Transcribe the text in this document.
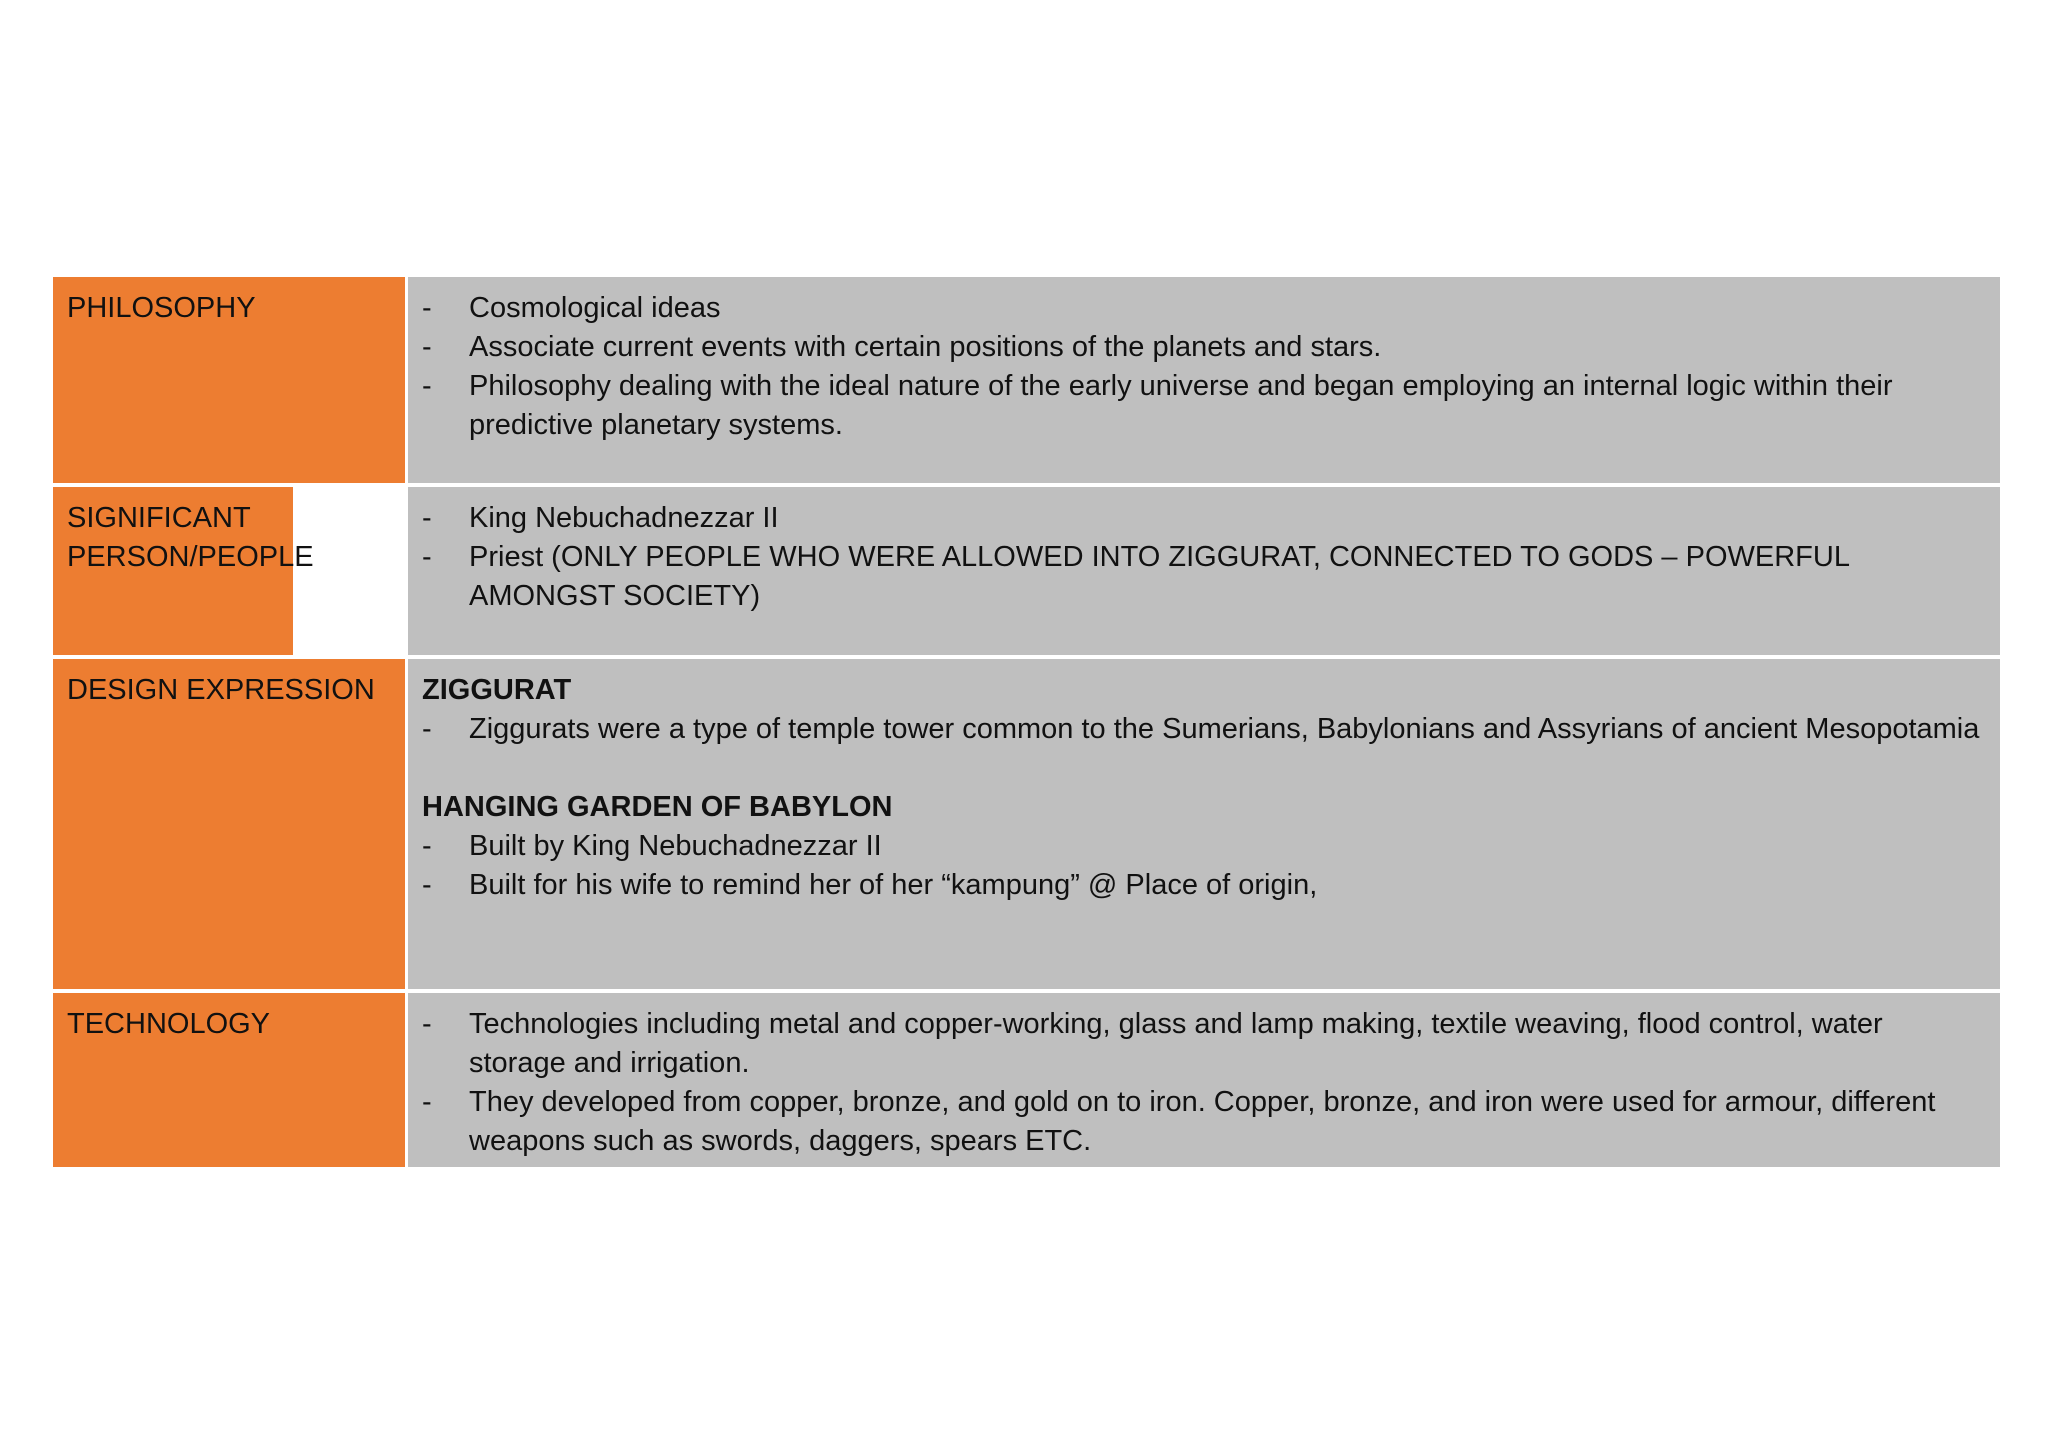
PHILOSOPHY	-	Cosmological ideas
-	Associate current events with certain positions of the planets and stars.
-	Philosophy dealing with the ideal nature of the early universe and began employing an internal logic within their predictive planetary systems.
SIGNIFICANT PERSON/PEOPLE
-	King Nebuchadnezzar II
-	Priest (ONLY PEOPLE WHO WERE ALLOWED INTO ZIGGURAT, CONNECTED TO GODS – POWERFUL AMONGST SOCIETY)
DESIGN EXPRESSION	ZIGGURAT
-	Ziggurats were a type of temple tower common to the Sumerians, Babylonians and Assyrians of ancient Mesopotamia
HANGING GARDEN OF BABYLON
-	Built by King Nebuchadnezzar II
-	Built for his wife to remind her of her “kampung” @ Place of origin,
TECHNOLOGY	-	Technologies including metal and copper-working, glass and lamp making, textile weaving, flood control, water storage and irrigation.
-	They developed from copper, bronze, and gold on to iron. Copper, bronze, and iron were used for armour, different weapons such as swords, daggers, spears ETC.
